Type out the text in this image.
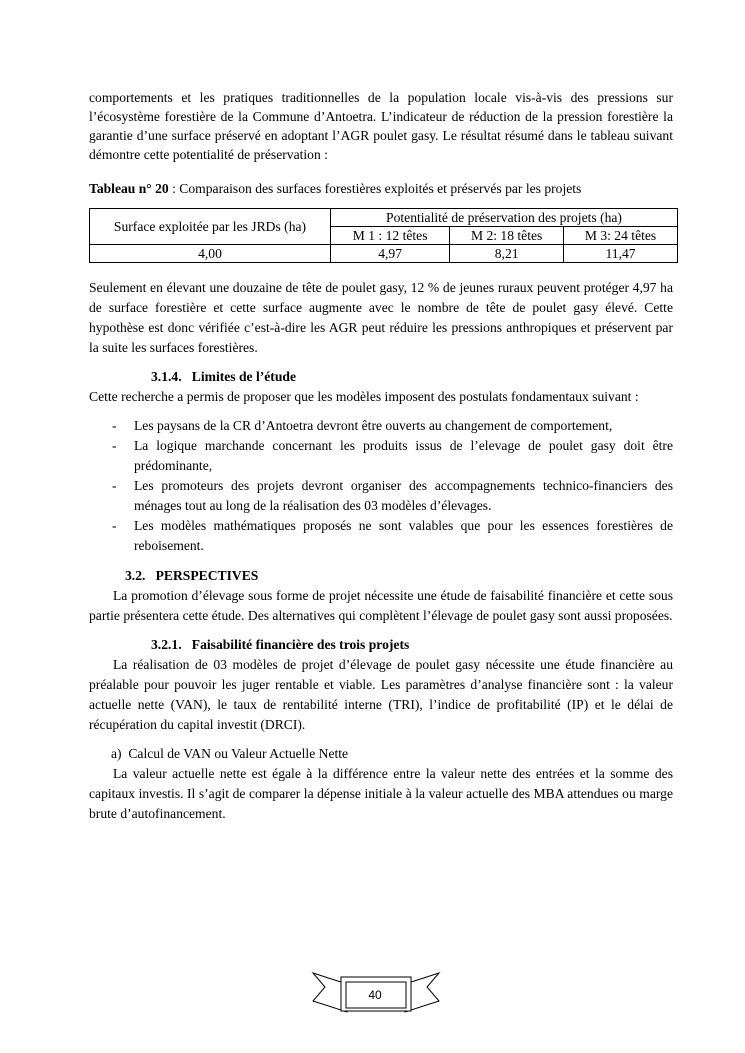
comportements et les pratiques traditionnelles de la population locale vis-à-vis des pressions sur l’écosystème forestière de la Commune d’Antoetra. L’indicateur de réduction de la pression forestière la garantie d’une surface préservé en adoptant l’AGR poulet gasy. Le résultat résumé dans le tableau suivant démontre cette potentialité de préservation :

Tableau n° 20 : Comparaison des surfaces forestières exploités et préservés par les projets

Surface exploitée par les JRDs (ha)	Potentialité de préservation des projets (ha)		
	M 1 : 12 têtes	M 2: 18 têtes	M 3: 24 têtes
4,00	4,97	8,21	11,47

Seulement en élevant une douzaine de tête de poulet gasy, 12 % de jeunes ruraux peuvent protéger 4,97 ha de surface forestière et cette surface augmente avec le nombre de tête de poulet gasy élevé. Cette hypothèse est donc vérifiée c’est-à-dire les AGR peut réduire les pressions anthropiques et préservent par la suite les surfaces forestières.

3.1.4.   Limites de l’étude

Cette recherche a permis de proposer que les modèles imposent des postulats fondamentaux suivant :

- Les paysans de la CR d’Antoetra devront être ouverts au changement de comportement,
- La logique marchande concernant les produits issus de l’elevage de poulet gasy doit être prédominante,
- Les promoteurs des projets devront organiser des accompagnements technico-financiers des ménages tout au long de la réalisation des 03 modèles d’élevages.
- Les modèles mathématiques proposés ne sont valables que pour les essences forestières de reboisement.
3.2.   PERSPECTIVES

La promotion d’élevage sous forme de projet nécessite une étude de faisabilité financière et cette sous partie présentera cette étude. Des alternatives qui complètent l’élevage de poulet gasy sont aussi proposées.

3.2.1.   Faisabilité financière des trois projets

La réalisation de 03 modèles de projet d’élevage de poulet gasy nécessite une étude financière au préalable pour pouvoir les juger rentable et viable. Les paramètres d’analyse financière sont : la valeur actuelle nette (VAN), le taux de rentabilité interne (TRI), l’indice de profitabilité (IP) et le délai de récupération du capital investit (DRCI).

a)  Calcul de VAN ou Valeur Actuelle Nette

La valeur actuelle nette est égale à la différence entre la valeur nette des entrées et la somme des capitaux investis. Il s’agit de comparer la dépense initiale à la valeur actuelle des MBA attendues ou marge brute d’autofinancement.

40
